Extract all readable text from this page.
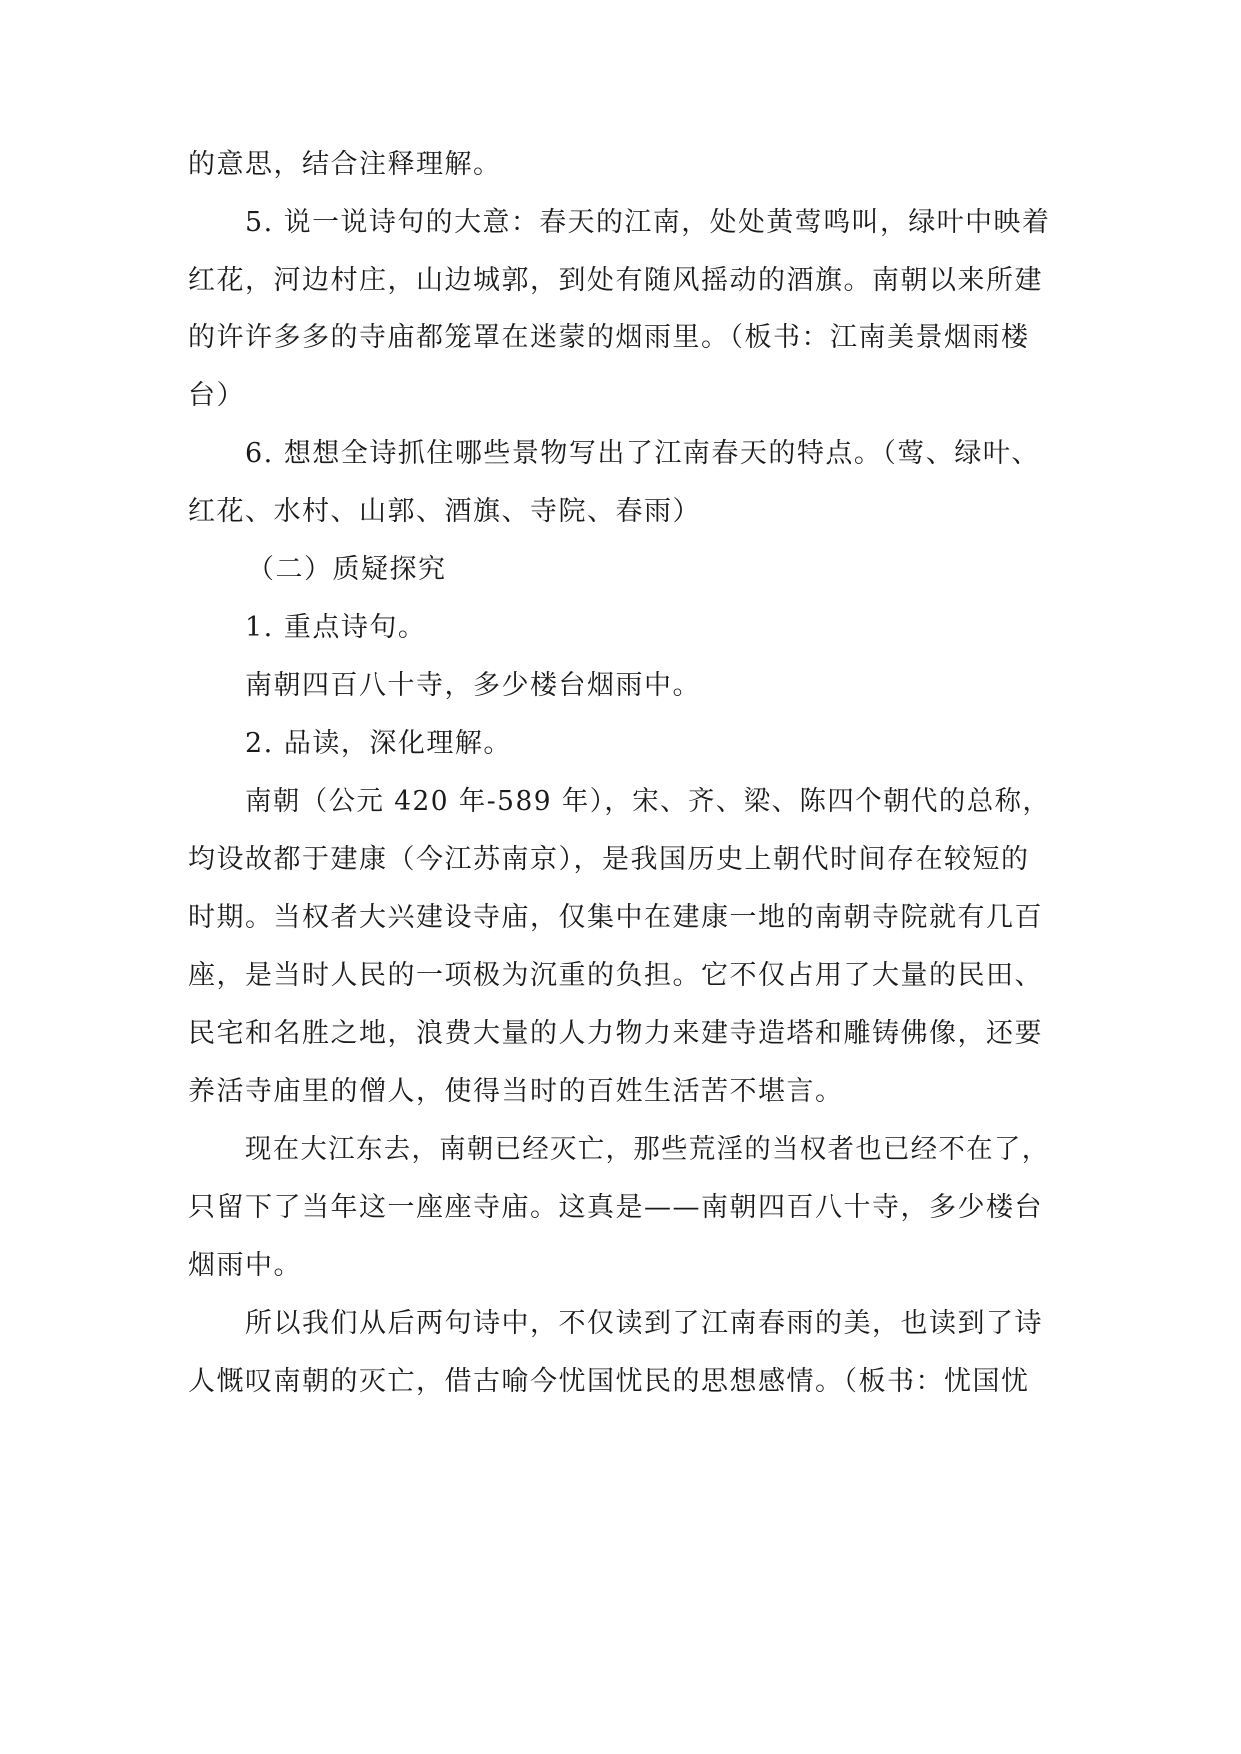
的意思，结合注释理解。
5. 说一说诗句的大意：春天的江南，处处黄莺鸣叫，绿叶中映着
红花，河边村庄，山边城郭，到处有随风摇动的酒旗。南朝以来所建
的许许多多的寺庙都笼罩在迷蒙的烟雨里。（板书：江南美景烟雨楼
台）
6. 想想全诗抓住哪些景物写出了江南春天的特点。（莺、绿叶、
红花、水村、山郭、酒旗、寺院、春雨）
（二）质疑探究
1. 重点诗句。
南朝四百八十寺，多少楼台烟雨中。
2. 品读，深化理解。
南朝（公元 420 年-589 年），宋、齐、梁、陈四个朝代的总称，
均设故都于建康（今江苏南京），是我国历史上朝代时间存在较短的
时期。当权者大兴建设寺庙，仅集中在建康一地的南朝寺院就有几百
座，是当时人民的一项极为沉重的负担。它不仅占用了大量的民田、
民宅和名胜之地，浪费大量的人力物力来建寺造塔和雕铸佛像，还要
养活寺庙里的僧人，使得当时的百姓生活苦不堪言。
现在大江东去，南朝已经灭亡，那些荒淫的当权者也已经不在了，
只留下了当年这一座座寺庙。这真是——南朝四百八十寺，多少楼台
烟雨中。
所以我们从后两句诗中，不仅读到了江南春雨的美，也读到了诗
人慨叹南朝的灭亡，借古喻今忧国忧民的思想感情。（板书：忧国忧
